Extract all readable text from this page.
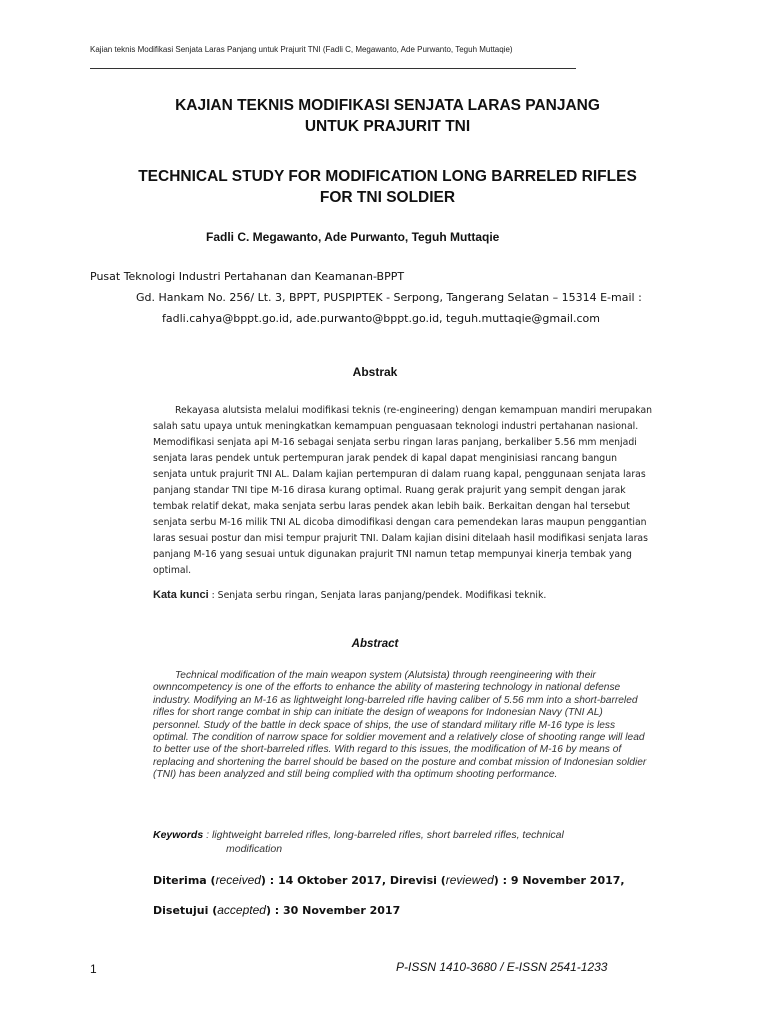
Kajian teknis Modifikasi Senjata Laras Panjang untuk Prajurit TNI (Fadli C, Megawanto, Ade Purwanto, Teguh Muttaqie)
KAJIAN TEKNIS MODIFIKASI SENJATA LARAS PANJANG
UNTUK PRAJURIT TNI
TECHNICAL STUDY FOR MODIFICATION LONG BARRELED RIFLES
FOR TNI SOLDIER
Fadli C. Megawanto, Ade Purwanto, Teguh Muttaqie
Pusat Teknologi Industri Pertahanan dan Keamanan-BPPT
Gd. Hankam No. 256/ Lt. 3, BPPT, PUSPIPTEK - Serpong, Tangerang Selatan – 15314 E-mail :
fadli.cahya@bppt.go.id, ade.purwanto@bppt.go.id, teguh.muttaqie@gmail.com
Abstrak
Rekayasa alutsista melalui modifikasi teknis (re-engineering) dengan kemampuan mandiri merupakan salah satu upaya untuk meningkatkan kemampuan penguasaan teknologi industri pertahanan nasional. Memodifikasi senjata api M-16 sebagai senjata serbu ringan laras panjang, berkaliber 5.56 mm menjadi senjata laras pendek untuk pertempuran jarak pendek di kapal dapat menginisiasi rancang bangun senjata untuk prajurit TNI AL. Dalam kajian pertempuran di dalam ruang kapal, penggunaan senjata laras panjang standar TNI tipe M-16 dirasa kurang optimal. Ruang gerak prajurit yang sempit dengan jarak tembak relatif dekat, maka senjata serbu laras pendek akan lebih baik. Berkaitan dengan hal tersebut senjata serbu M-16 milik TNI AL dicoba dimodifikasi dengan cara pemendekan laras maupun penggantian laras sesuai postur dan misi tempur prajurit TNI. Dalam kajian disini ditelaah hasil modifikasi senjata laras panjang M-16 yang sesuai untuk digunakan prajurit TNI namun tetap mempunyai kinerja tembak yang optimal.
Kata kunci : Senjata serbu ringan, Senjata laras panjang/pendek. Modifikasi teknik.
Abstract
Technical modification of the main weapon system (Alutsista) through reengineering with their ownncompetency is one of the efforts to enhance the ability of mastering technology in national defense industry. Modifying an M-16 as lightweight long-barreled rifle having caliber of 5.56 mm into a short-barreled rifles for short range combat in ship can initiate the design of weapons for Indonesian Navy (TNI AL) personnel. Study of the battle in deck space of ships, the use of standard military rifle M-16 type is less optimal. The condition of narrow space for soldier movement and a relatively close of shooting range will lead to better use of the short-barreled rifles. With regard to this issues, the modification of M-16 by means of replacing and shortening the barrel should be based on the posture and combat mission of Indonesian soldier (TNI) has been analyzed and still being complied with tha optimum shooting performance.
Keywords : lightweight barreled rifles, long-barreled rifles, short barreled rifles, technical
modification
Diterima (received) : 14 Oktober 2017, Direvisi (reviewed) : 9 November 2017,
Disetujui (accepted) : 30 November 2017
1	P-ISSN 1410-3680 / E-ISSN 2541-1233
